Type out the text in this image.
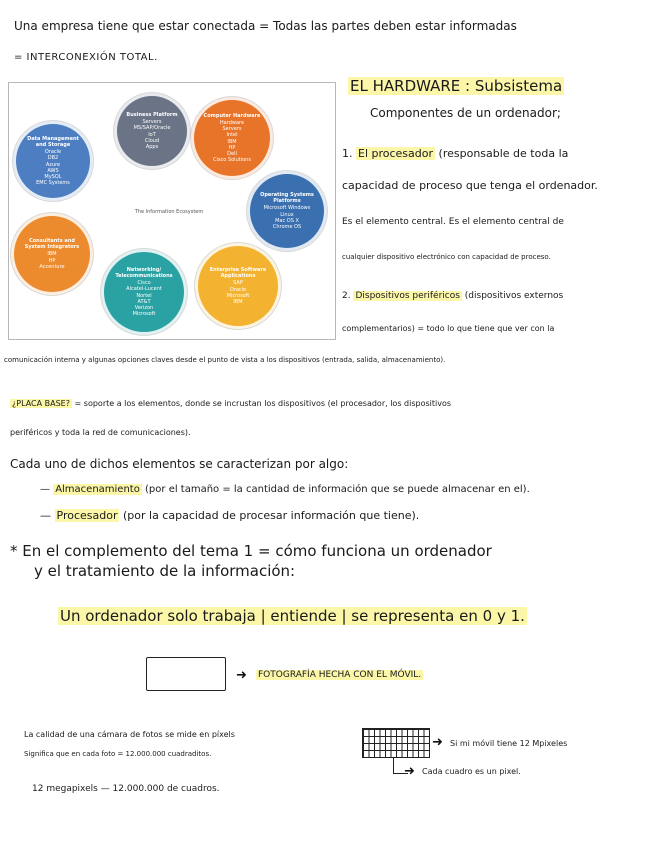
Una empresa tiene que estar conectada = Todas las partes deben estar informadas
= INTERCONEXIÓN TOTAL.
The Information Ecosystem
Business Platform
Servers
MS/SAP/Oracle
IoT
Cloud
Apps
Computer Hardware
Hardware
Servers
Intel
IBM
HP
Dell
Cisco Solutions
Data Management and Storage
Oracle
DB2
Azure
AWS
MySQL
EMC Systems
Operating Systems Platforms
Microsoft Windows
Linux
Mac OS X
Chrome OS
Consultants and System Integrators
IBM
HP
Accenture	Networking/ Telecommunications
Cisco
Alcatel-Lucent
Nortel
AT&T
Verizon
Microsoft
Enterprise Software Applications
SAP
Oracle
Microsoft
IBM
EL HARDWARE : Subsistema
Componentes de un ordenador;
1. El procesador (responsable de toda la
capacidad de proceso que tenga el ordenador.
Es el elemento central. Es el elemento central de
cualquier dispositivo electrónico con capacidad de proceso.
2. Dispositivos periféricos (dispositivos externos
complementarios) = todo lo que tiene que ver con la
comunicación interna y algunas opciones claves desde el punto de vista a los dispositivos (entrada, salida, almacenamiento).
¿PLACA BASE? = soporte a los elementos, donde se incrustan los dispositivos (el procesador, los dispositivos
periféricos y toda la red de comunicaciones).
Cada uno de dichos elementos se caracterizan por algo:
— Almacenamiento (por el tamaño = la cantidad de información que se puede almacenar en el).
— Procesador (por la capacidad de procesar información que tiene).
* En el complemento del tema 1 = cómo funciona un ordenador
y el tratamiento de la información:
Un ordenador solo trabaja | entiende | se representa en 0 y 1.
➜ FOTOGRAFÍA HECHA CON EL MÓVIL.
La calidad de una cámara de fotos se mide en píxels
Significa que en cada foto = 12.000.000 cuadraditos.
12 megapixels — 12.000.000 de cuadros.
➜ Si mi móvil tiene 12 Mpixeles
➜ Cada cuadro es un pixel.
